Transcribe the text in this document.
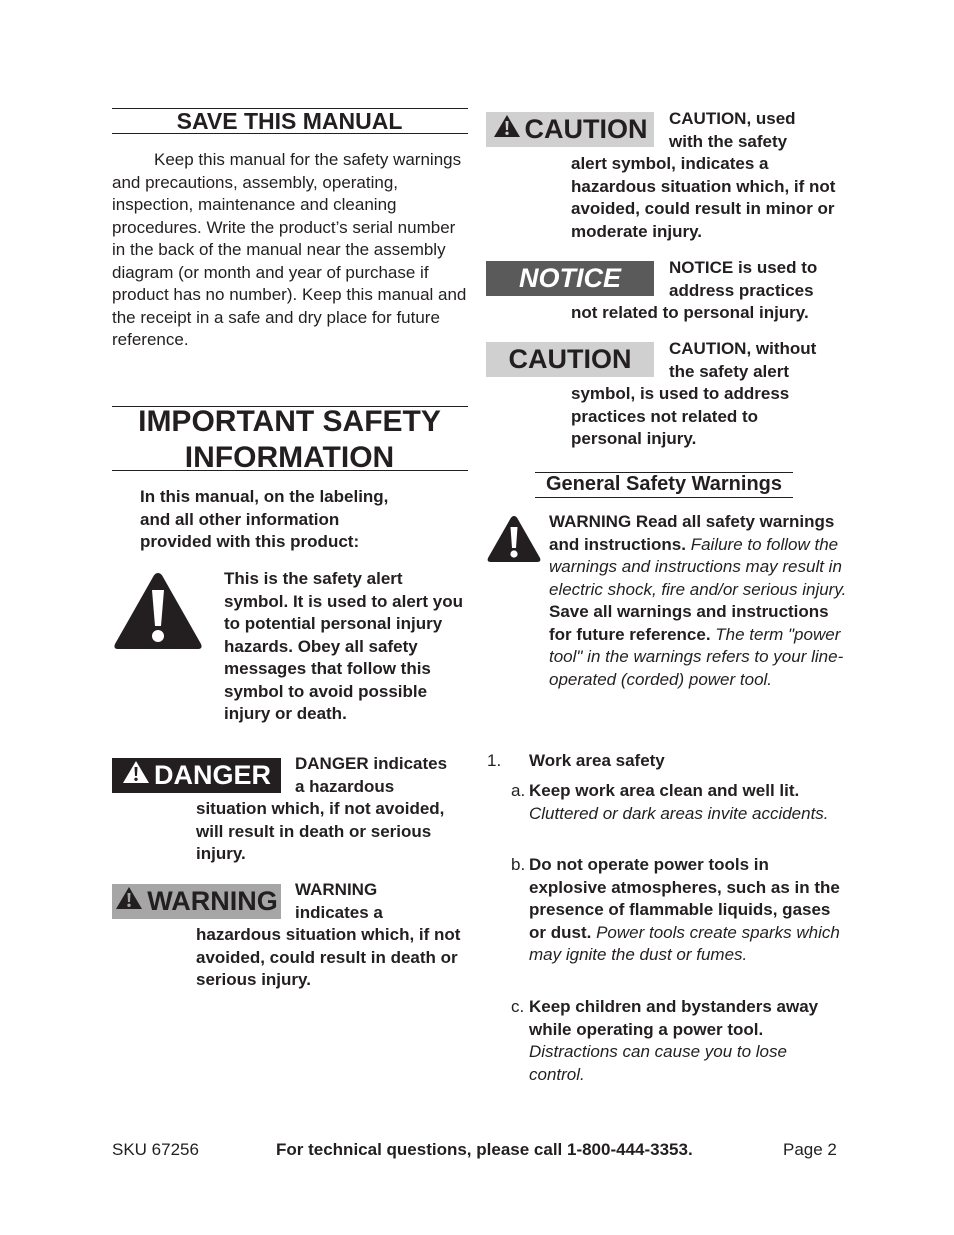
SAVE THIS MANUAL
Keep this manual for the safety warnings and precautions, assembly, operating, inspection, maintenance and cleaning procedures. Write the product’s serial number in the back of the manual near the assembly diagram (or month and year of purchase if product has no number). Keep this manual and the receipt in a safe and dry place for future reference.
IMPORTANT SAFETY
INFORMATION
In this manual, on the labeling,
and all other information
provided with this product:
This is the safety alert symbol. It is used to alert you to potential personal injury hazards. Obey all safety messages that follow this symbol to avoid possible injury or death.
DANGER DANGER indicates
a hazardous
situation which, if not avoided, will result in death or serious injury.
WARNING WARNING
indicates a
hazardous situation which, if not avoided, could result in death or serious injury.
CAUTION CAUTION, used
with the safety
alert symbol, indicates a hazardous situation which, if not avoided, could result in minor or moderate injury.
NOTICE	NOTICE is used to
address practices
not related to personal injury.
CAUTION CAUTION, without
the safety alert
symbol, is used to address practices not related to personal injury.
General Safety Warnings
WARNING Read all safety warnings and instructions. Failure to follow the warnings and instructions may result in electric shock, fire and/or serious injury. Save all warnings and instructions for future reference. The term "power tool" in the warnings refers to your line-operated (corded) power tool.
1. Work area safety
a. Keep work area clean and well lit. Cluttered or dark areas invite accidents.
b. Do not operate power tools in explosive atmospheres, such as in the presence of flammable liquids, gases or dust. Power tools create sparks which may ignite the dust or fumes.
c. Keep children and bystanders away while operating a power tool. Distractions can cause you to lose control.
SKU 67256	For technical questions, please call 1-800-444-3353.	Page 2
